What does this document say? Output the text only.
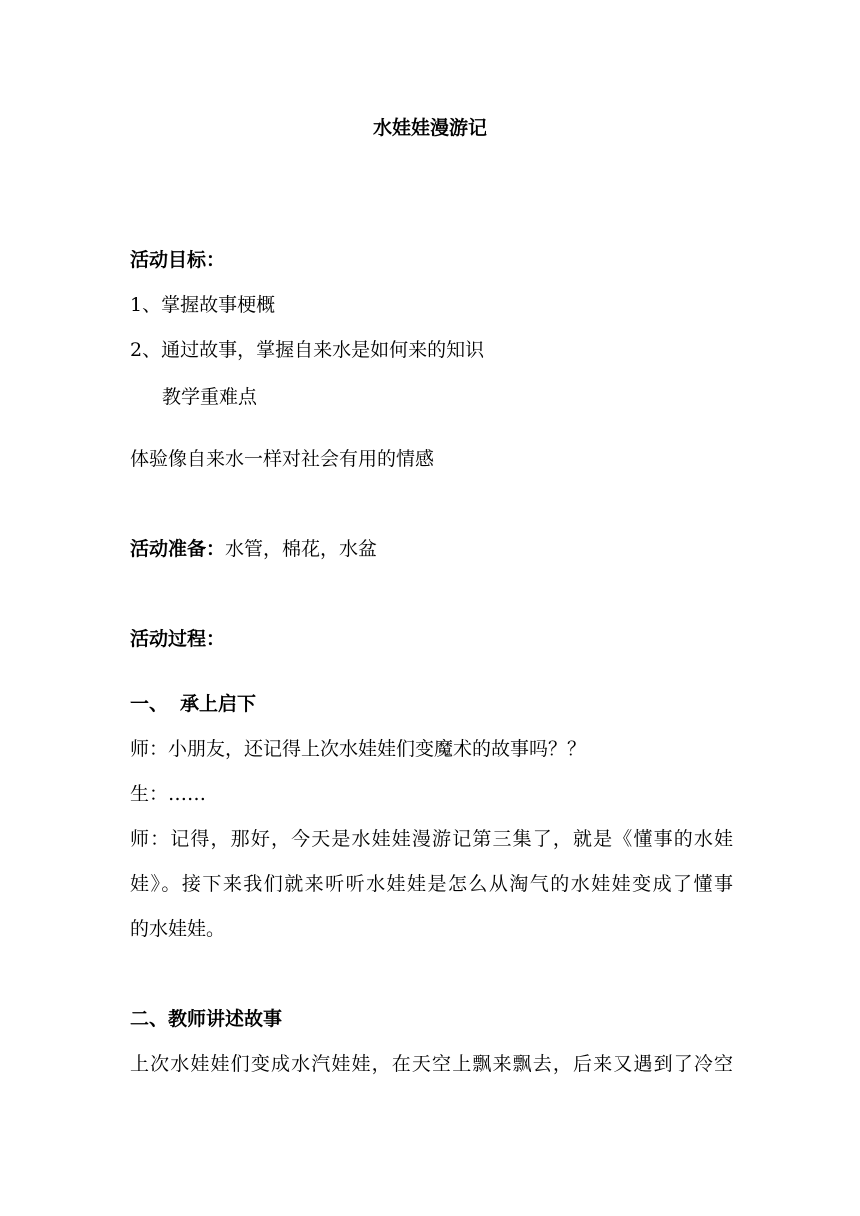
水娃娃漫游记
活动目标：
1、掌握故事梗概
2、通过故事，掌握自来水是如何来的知识
教学重难点
体验像自来水一样对社会有用的情感
活动准备：水管，棉花，水盆
活动过程：
一、 承上启下
师：小朋友，还记得上次水娃娃们变魔术的故事吗？？
生：……
师：记得，那好，今天是水娃娃漫游记第三集了，就是《懂事的水娃
娃》。接下来我们就来听听水娃娃是怎么从淘气的水娃娃变成了懂事
的水娃娃。
二、教师讲述故事
上次水娃娃们变成水汽娃娃，在天空上飘来飘去，后来又遇到了冷空
